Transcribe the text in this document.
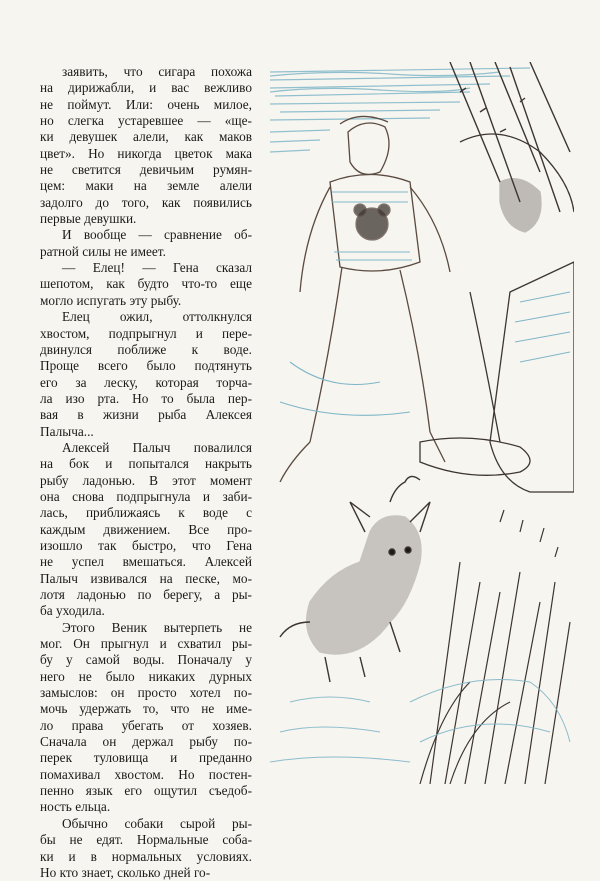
заявить, что сигара похожа
на дирижабли, и вас вежливо
не поймут. Или: очень милое,
но слегка устаревшее — «ще-
ки девушек алели, как маков
цвет». Но никогда цветок мака
не светится девичьим румян-
цем: маки на земле алели
задолго до того, как появились
первые девушки.
И вообще — сравнение об-
ратной силы не имеет.
— Елец! — Гена сказал
шепотом, как будто что-то еще
могло испугать эту рыбу.
Елец ожил, оттолкнулся
хвостом, подпрыгнул и пере-
двинулся поближе к воде.
Проще всего было подтянуть
его за леску, которая торча-
ла изо рта. Но то была пер-
вая в жизни рыба Алексея
Палыча...
Алексей Палыч повалился
на бок и попытался накрыть
рыбу ладонью. В этот момент
она снова подпрыгнула и заби-
лась, приближаясь к воде с
каждым движением. Все про-
изошло так быстро, что Гена
не успел вмешаться. Алексей
Палыч извивался на песке, мо-
лотя ладонью по берегу, а ры-
ба уходила.
Этого Веник вытерпеть не
мог. Он прыгнул и схватил ры-
бу у самой воды. Поначалу у
него не было никаких дурных
замыслов: он просто хотел по-
мочь удержать то, что не име-
ло права убегать от хозяев.
Сначала он держал рыбу по-
перек туловища и преданно
помахивал хвостом. Но постен-
пенно язык его ощутил съедоб-
ность ельца.
Обычно собаки сырой ры-
бы не едят. Нормальные соба-
ки и в нормальных условиях.
Но кто знает, сколько дней го-
